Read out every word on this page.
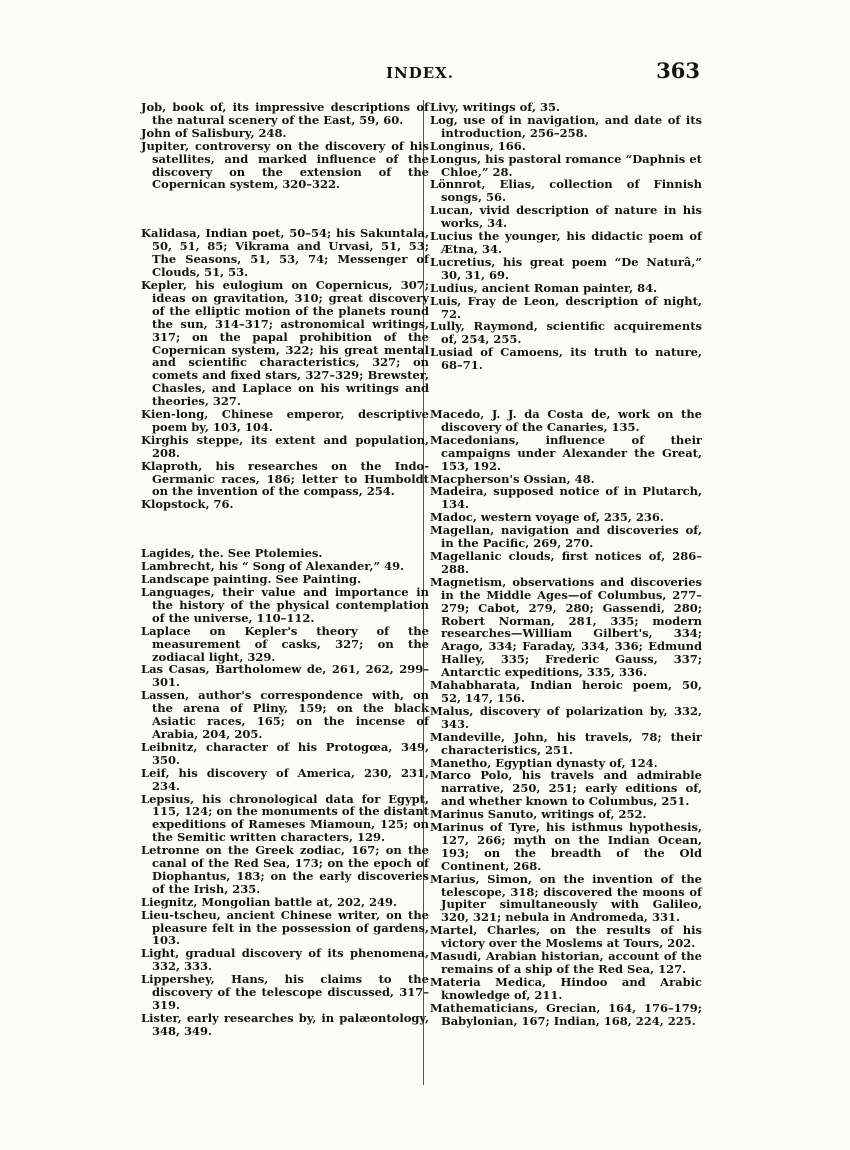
INDEX.	363

Job, book of, its impressive descriptions of the natural scenery of the East, 59, 60.

John of Salisbury, 248.

Jupiter, controversy on the discovery of his satellites, and marked influence of the discovery on the extension of the Copernican system, 320–322.

Kalidasa, Indian poet, 50–54; his Sakuntala, 50, 51, 85; Vikrama and Urvasi, 51, 53; The Seasons, 51, 53, 74; Messenger of Clouds, 51, 53.

Kepler, his eulogium on Copernicus, 307; ideas on gravitation, 310; great discovery of the elliptic motion of the planets round the sun, 314–317; astronomical writings, 317; on the papal prohibition of the Copernican system, 322; his great mental and scientific characteristics, 327; on comets and fixed stars, 327–329; Brewster, Chasles, and Laplace on his writings and theories, 327.

Kien-long, Chinese emperor, descriptive poem by, 103, 104.

Kirghis steppe, its extent and population, 208.

Klaproth, his researches on the Indo-Germanic races, 186; letter to Humboldt on the invention of the compass, 254.

Klopstock, 76.

Lagides, the. See Ptolemies.

Lambrecht, his “ Song of Alexander,” 49.

Landscape painting. See Painting.

Languages, their value and importance in the history of the physical contemplation of the universe, 110–112.

Laplace on Kepler's theory of the measurement of casks, 327; on the zodiacal light, 329.

Las Casas, Bartholomew de, 261, 262, 299–301.

Lassen, author's correspondence with, on the arena of Pliny, 159; on the black Asiatic races, 165; on the incense of Arabia, 204, 205.

Leibnitz, character of his Protogœa, 349, 350.

Leif, his discovery of America, 230, 231, 234.

Lepsius, his chronological data for Egypt, 115, 124; on the monuments of the distant expeditions of Rameses Miamoun, 125; on the Semitic written characters, 129.

Letronne on the Greek zodiac, 167; on the canal of the Red Sea, 173; on the epoch of Diophantus, 183; on the early discoveries of the Irish, 235.

Liegnitz, Mongolian battle at, 202, 249.

Lieu-tscheu, ancient Chinese writer, on the pleasure felt in the possession of gardens, 103.

Light, gradual discovery of its phenomena, 332, 333.

Lippershey, Hans, his claims to the discovery of the telescope discussed, 317–319.

Lister, early researches by, in palæontology, 348, 349.

Livy, writings of, 35.

Log, use of in navigation, and date of its introduction, 256–258.

Longinus, 166.

Longus, his pastoral romance “Daphnis et Chloe,” 28.

Lönnrot, Elias, collection of Finnish songs, 56.

Lucan, vivid description of nature in his works, 34.

Lucius the younger, his didactic poem of Ætna, 34.

Lucretius, his great poem “De Naturâ,” 30, 31, 69.

Ludius, ancient Roman painter, 84.

Luis, Fray de Leon, description of night, 72.

Lully, Raymond, scientific acquirements of, 254, 255.

Lusiad of Camoens, its truth to nature, 68–71.

Macedo, J. J. da Costa de, work on the discovery of the Canaries, 135.

Macedonians, influence of their campaigns under Alexander the Great, 153, 192.

Macpherson's Ossian, 48.

Madeira, supposed notice of in Plutarch, 134.

Madoc, western voyage of, 235, 236.

Magellan, navigation and discoveries of, in the Pacific, 269, 270.

Magellanic clouds, first notices of, 286–288.

Magnetism, observations and discoveries in the Middle Ages—of Columbus, 277–279; Cabot, 279, 280; Gassendi, 280; Robert Norman, 281, 335; modern researches—William Gilbert's, 334; Arago, 334; Faraday, 334, 336; Edmund Halley, 335; Frederic Gauss, 337; Antarctic expeditions, 335, 336.

Mahabharata, Indian heroic poem, 50, 52, 147, 156.

Malus, discovery of polarization by, 332, 343.

Mandeville, John, his travels, 78; their characteristics, 251.

Manetho, Egyptian dynasty of, 124.

Marco Polo, his travels and admirable narrative, 250, 251; early editions of, and whether known to Columbus, 251.

Marinus Sanuto, writings of, 252.

Marinus of Tyre, his isthmus hypothesis, 127, 266; myth on the Indian Ocean, 193; on the breadth of the Old Continent, 268.

Marius, Simon, on the invention of the telescope, 318; discovered the moons of Jupiter simultaneously with Galileo, 320, 321; nebula in Andromeda, 331.

Martel, Charles, on the results of his victory over the Moslems at Tours, 202.

Masudi, Arabian historian, account of the remains of a ship of the Red Sea, 127.

Materia Medica, Hindoo and Arabic knowledge of, 211.

Mathematicians, Grecian, 164, 176–179; Babylonian, 167; Indian, 168, 224, 225.
